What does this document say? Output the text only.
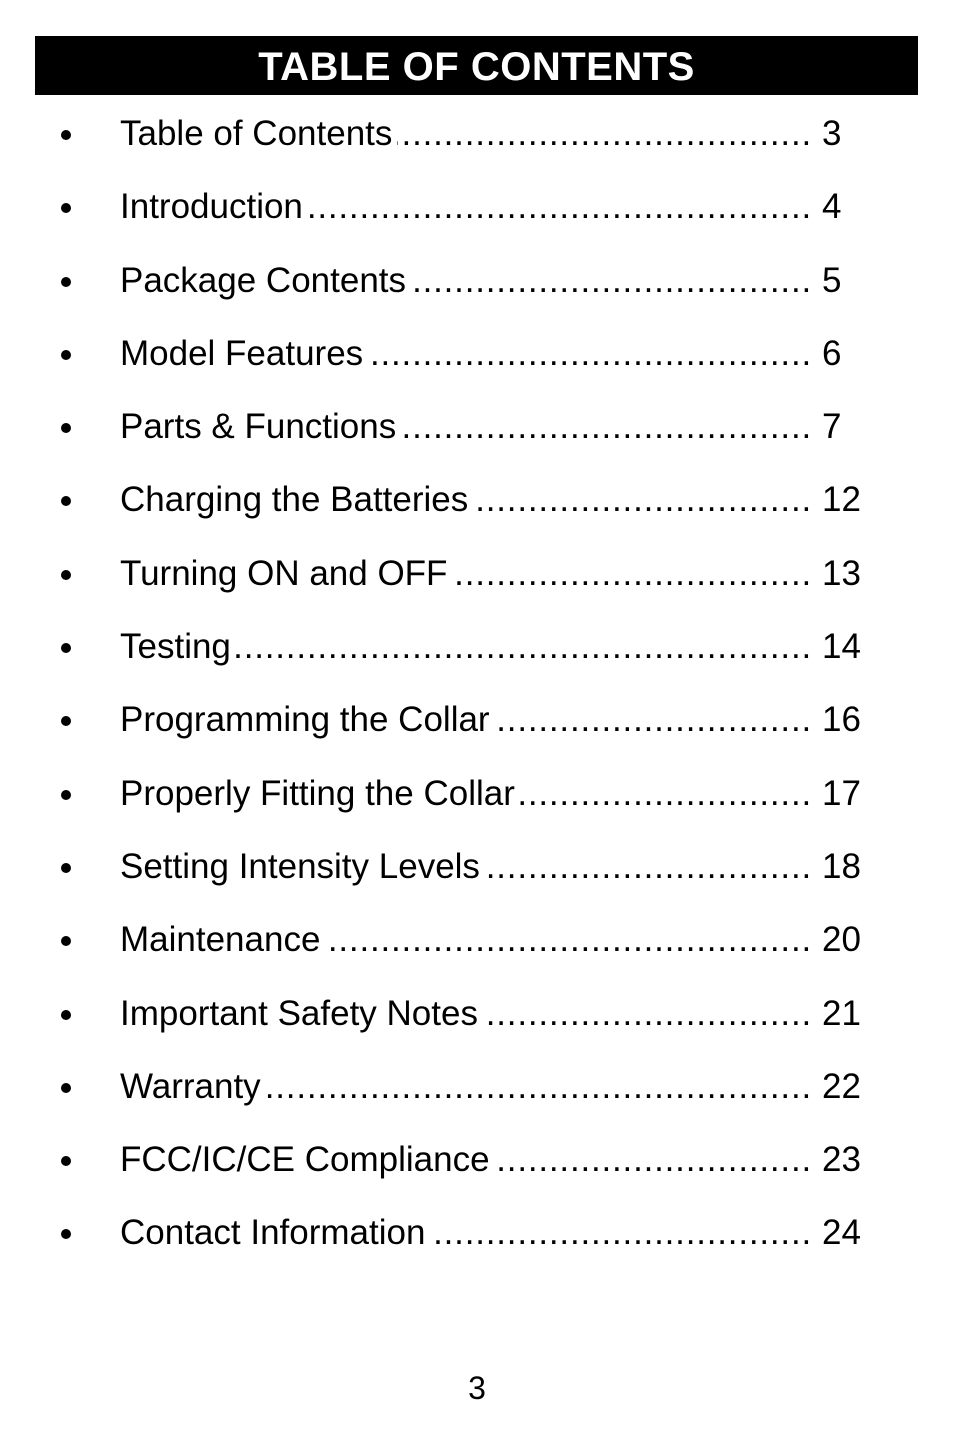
TABLE OF CONTENTS
Table of Contents .....	3
Introduction .....	4
Package Contents .....	5
Model Features .....	6
Parts & Functions .....	7
Charging the Batteries .....	12
Turning ON and OFF .....	13
Testing .....	14
Programming the Collar .....	16
Properly Fitting the Collar .....	17
Setting Intensity Levels .....	18
Maintenance .....	20
Important Safety Notes .....	21
Warranty .....	22
FCC/IC/CE Compliance .....	23
Contact Information .....	24
3
